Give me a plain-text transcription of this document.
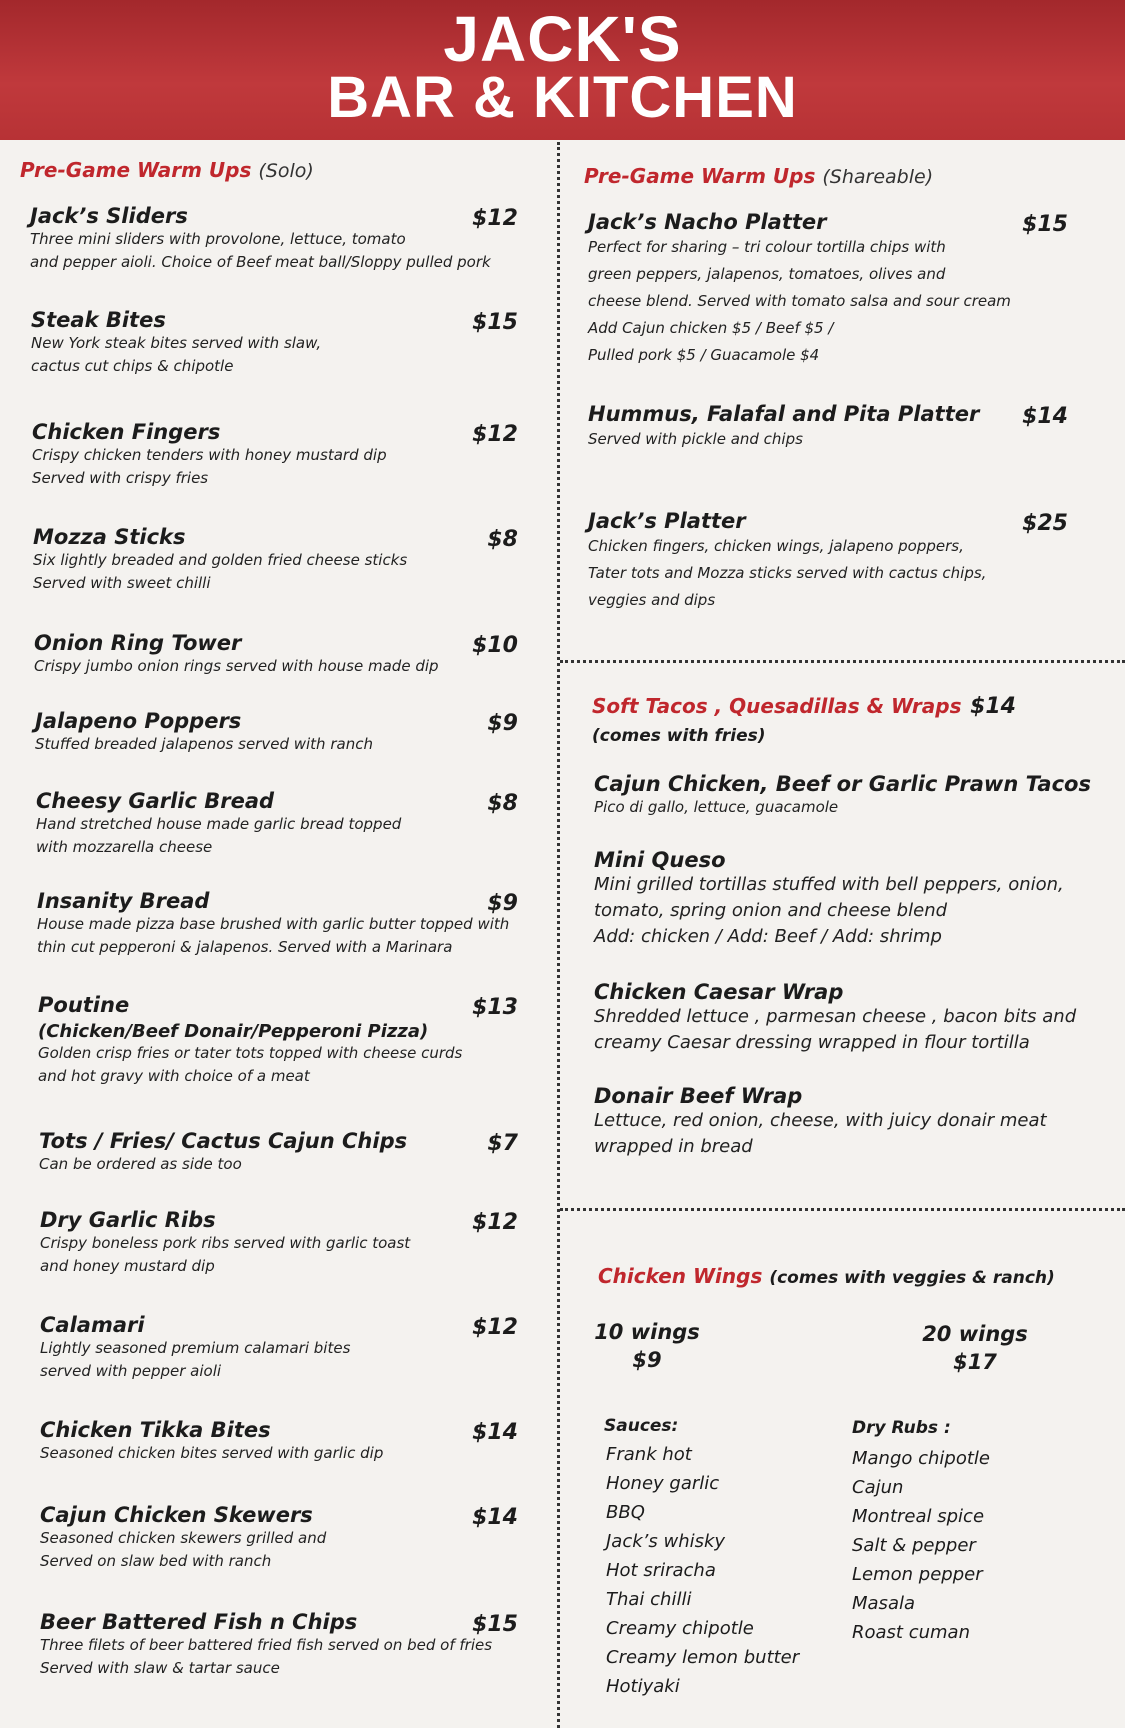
JACK'S
BAR & KITCHEN
Pre-Game Warm Ups (Solo)
Jack’s Sliders
Three mini sliders with provolone, lettuce, tomato
and pepper aioli. Choice of Beef meat ball/Sloppy pulled pork
$12
Steak Bites
New York steak bites served with slaw,
cactus cut chips & chipotle
$15
Chicken Fingers
Crispy chicken tenders with honey mustard dip
Served with crispy fries
$12
Mozza Sticks
Six lightly breaded and golden fried cheese sticks
Served with sweet chilli
$8
Onion Ring Tower
Crispy jumbo onion rings served with house made dip
$10
Jalapeno Poppers
Stuffed breaded jalapenos served with ranch
$9
Cheesy Garlic Bread
Hand stretched house made garlic bread topped
with mozzarella cheese
$8
Insanity Bread
House made pizza base brushed with garlic butter topped with
thin cut pepperoni & jalapenos. Served with a Marinara
$9
Poutine
(Chicken/Beef Donair/Pepperoni Pizza)
Golden crisp fries or tater tots topped with cheese curds
and hot gravy with choice of a meat
$13
Tots / Fries/ Cactus Cajun Chips
Can be ordered as side too
$7
Dry Garlic Ribs
Crispy boneless pork ribs served with garlic toast
and honey mustard dip
$12
Calamari
Lightly seasoned premium calamari bites
served with pepper aioli
$12
Chicken Tikka Bites
Seasoned chicken bites served with garlic dip
$14
Cajun Chicken Skewers
Seasoned chicken skewers grilled and
Served on slaw bed with ranch
$14
Beer Battered Fish n Chips
Three filets of beer battered fried fish served on bed of fries
Served with slaw & tartar sauce
$15
Pre-Game Warm Ups (Shareable)
Jack’s Nacho Platter
Perfect for sharing – tri colour tortilla chips with
green peppers, jalapenos, tomatoes, olives and
cheese blend. Served with tomato salsa and sour cream
Add Cajun chicken $5 / Beef $5 /
Pulled pork $5 / Guacamole $4
$15
Hummus, Falafal and Pita Platter
Served with pickle and chips
$14
Jack’s Platter
Chicken fingers, chicken wings, jalapeno poppers,
Tater tots and Mozza sticks served with cactus chips,
veggies and dips
$25
Soft Tacos , Quesadillas & Wraps $14
(comes with fries)
Cajun Chicken, Beef or Garlic Prawn Tacos
Pico di gallo, lettuce, guacamole
Mini Queso
Mini grilled tortillas stuffed with bell peppers, onion,
tomato, spring onion and cheese blend
Add: chicken / Add: Beef / Add: shrimp
Chicken Caesar Wrap
Shredded lettuce , parmesan cheese , bacon bits and
creamy Caesar dressing wrapped in flour tortilla
Donair Beef Wrap
Lettuce, red onion, cheese, with juicy donair meat
wrapped in bread
Chicken Wings (comes with veggies & ranch)
10 wings
$9
20 wings
$17
Sauces:
Frank hot
Honey garlic
BBQ
Jack’s whisky
Hot sriracha
Thai chilli
Creamy chipotle
Creamy lemon butter
Hotiyaki
Dry Rubs :
Mango chipotle
Cajun
Montreal spice
Salt & pepper
Lemon pepper
Masala
Roast cuman
